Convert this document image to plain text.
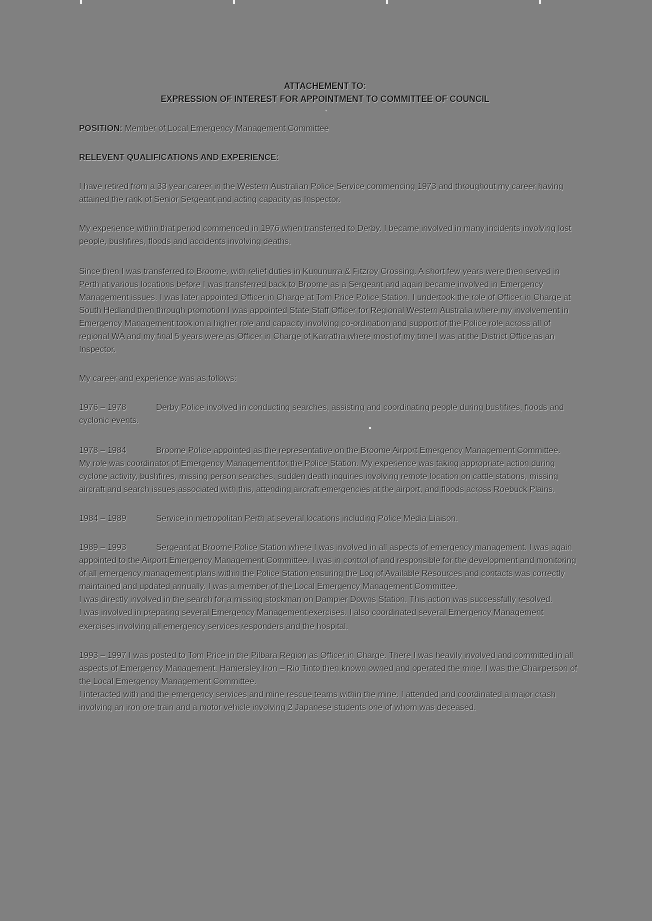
ATTACHEMENT TO:
EXPRESSION OF INTEREST FOR APPOINTMENT TO COMMITTEE OF COUNCIL
·
POSITION: Member of Local Emergency Management Committee
RELEVENT QUALIFICATIONS AND EXPERIENCE:

I have retired from a 33 year career in the Western Australian Police Service commencing 1973 and throughout my career having attained the rank of Senior Sergeant and acting capacity as Inspector.

My experience within that period commenced in 1976 when transferred to Derby. I became involved in many incidents involving lost people, bushfires, floods and accidents involving deaths.

Since then I was transferred to Broome, with relief duties in Kununurra & Fitzroy Crossing. A short few years were then served in Perth at various locations before I was transferred back to Broome as a Sergeant and again became involved in Emergency Management issues. I was later appointed Officer in Charge at Tom Price Police Station. I undertook the role of Officer in Charge at South Hedland then through promotion I was appointed State Staff Officer for Regional Western Australia where my involvement in Emergency Management took on a higher role and capacity involving co-ordination and support of the Police role across all of regional WA and my final 5 years were as Officer in Charge of Karratha where most of my time I was at the District Office as an Inspector.

My career and experience was as follows:

1976 – 1978	Derby Police involved in conducting searches, assisting and coordinating people during bushfires, floods and cyclonic events.

1978 – 1984	Broome Police appointed as the representative on the Broome Airport Emergency Management Committee.

My role was coordinator of Emergency Management for the Police Station. My experience was taking appropriate action during cyclone activity, bushfires, missing person searches, sudden death inquiries involving remote location on cattle stations, missing aircraft and search issues associated with this, attending aircraft emergencies at the airport, and floods across Roebuck Plains.

1984 – 1989	Service in metropolitan Perth at several locations including Police Media Liaison.

1989 – 1993	Sergeant at Broome Police Station where I was involved in all aspects of emergency management. I was again appointed to the Airport Emergency Management Committee. I was in control of and responsible for the development and monitoring of all emergency management plans within the Police Station ensuring the Log of Available Resources and contacts was correctly maintained and updated annually. I was a member of the Local Emergency Management Committee.

I was directly involved in the search for a missing stockman on Dampier Downs Station. This action was successfully resolved.

I was involved in preparing several Emergency Management exercises. I also coordinated several Emergency Management exercises involving all emergency services responders and the hospital.

1993 – 1997 I was posted to Tom Price in the Pilbara Region as Officer in Charge. There I was heavily involved and committed in all aspects of Emergency Management. Hamersley Iron – Rio Tinto then known owned and operated the mine. I was the Chairperson of the Local Emergency Management Committee.

I interacted with and the emergency services and mine rescue teams within the mine. I attended and coordinated a major crash involving an iron ore train and a motor vehicle involving 2 Japanese students one of whom was deceased.
